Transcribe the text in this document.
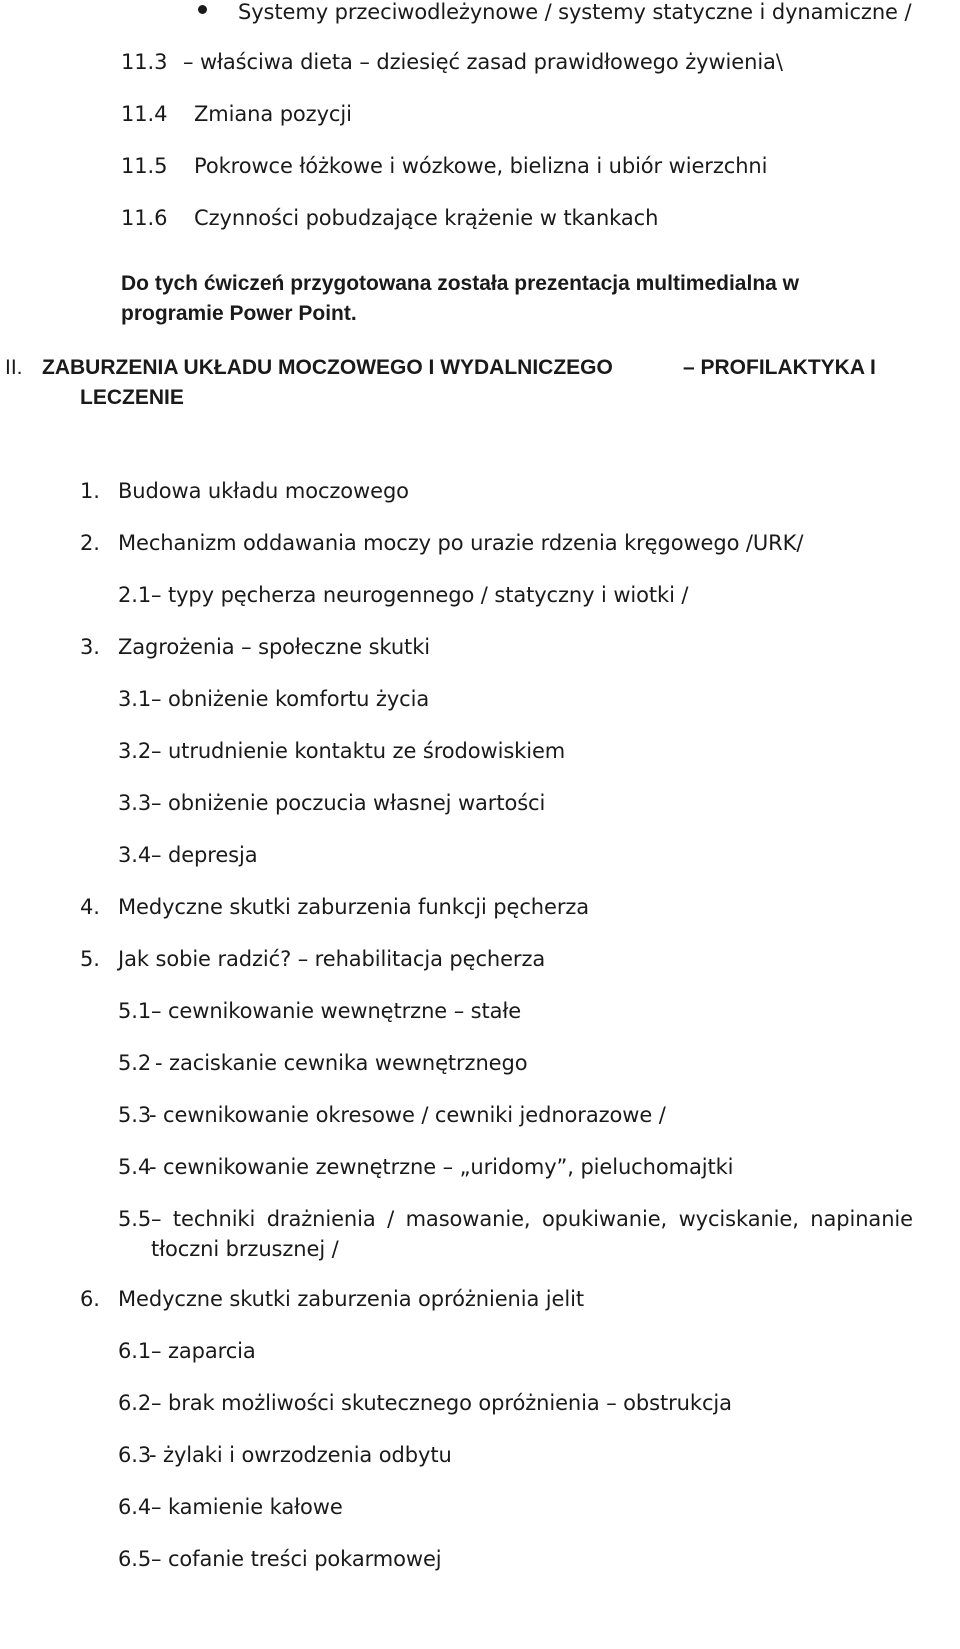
Systemy przeciwodleżynowe / systemy statyczne i dynamiczne /
11.3 – właściwa dieta – dziesięć zasad prawidłowego żywienia\
11.4 Zmiana pozycji
11.5 Pokrowce łóżkowe i wózkowe, bielizna i ubiór wierzchni
11.6 Czynności pobudzające krążenie w tkankach
Do tych ćwiczeń przygotowana została prezentacja multimedialna w
programie Power Point.
II. ZABURZENIA UKŁADU MOCZOWEGO I WYDALNICZEGO	– PROFILAKTYKA I
LECZENIE
1. Budowa układu moczowego
2. Mechanizm oddawania moczy po urazie rdzenia kręgowego /URK/
2.1 – typy pęcherza neurogennego / statyczny i wiotki /
3. Zagrożenia – społeczne skutki
3.1 – obniżenie komfortu życia
3.2 – utrudnienie kontaktu ze środowiskiem
3.3 – obniżenie poczucia własnej wartości
3.4 – depresja
4. Medyczne skutki zaburzenia funkcji pęcherza
5. Jak sobie radzić? – rehabilitacja pęcherza
5.1 – cewnikowanie wewnętrzne – stałe
5.2 - zaciskanie cewnika wewnętrznego
5.3
- cewnikowanie okresowe / cewniki jednorazowe /
5.4
- cewnikowanie zewnętrzne – „uridomy”, pieluchomajtki
5.5 – techniki drażnienia / masowanie, opukiwanie, wyciskanie, napinanie
tłoczni brzusznej /
6. Medyczne skutki zaburzenia opróżnienia jelit
6.1 – zaparcia
6.2 – brak możliwości skutecznego opróżnienia – obstrukcja
6.3
- żylaki i owrzodzenia odbytu
6.4 – kamienie kałowe
6.5 – cofanie treści pokarmowej
